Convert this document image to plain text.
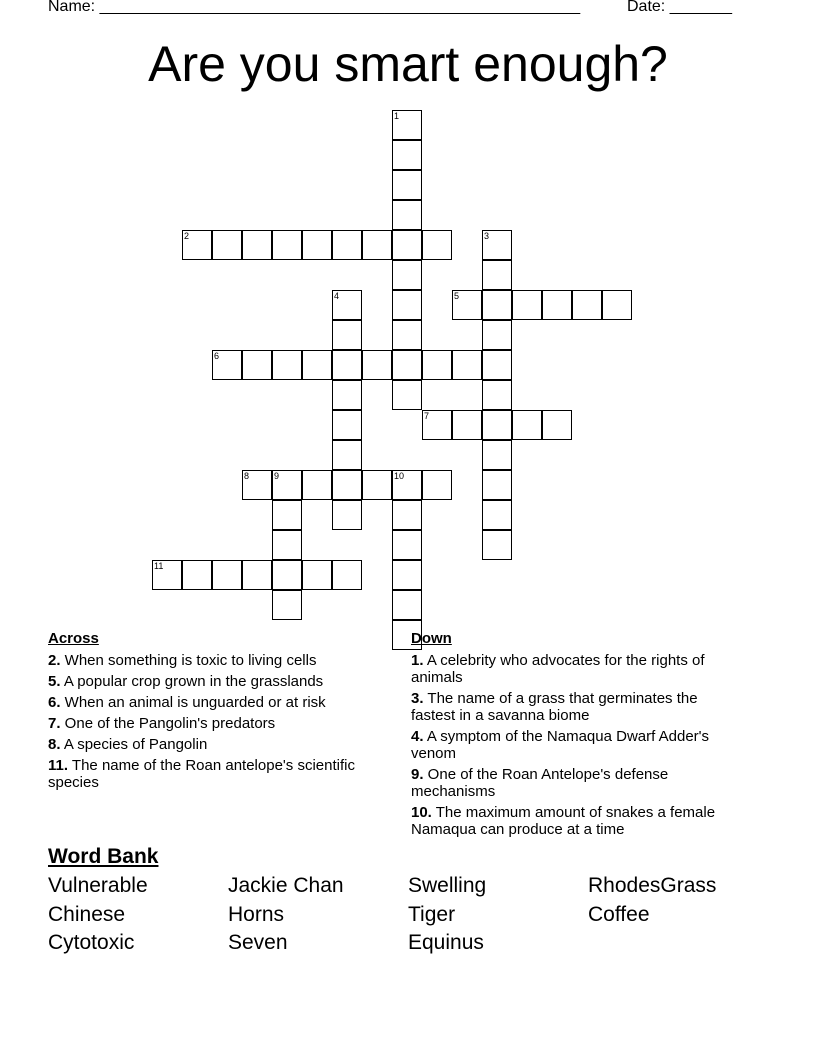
Name: ______________________________________________________	Date: _______
Are you smart enough?
1
2	3
4	5
6
7
8	9	10
11
Across
2. When something is toxic to living cells
5. A popular crop grown in the grasslands
6. When an animal is unguarded or at risk
7. One of the Pangolin's predators
8. A species of Pangolin
11. The name of the Roan antelope's scientific species
Down
1. A celebrity who advocates for the rights of animals
3. The name of a grass that germinates the fastest in a savanna biome
4. A symptom of the Namaqua Dwarf Adder's venom
9. One of the Roan Antelope's defense mechanisms
10. The maximum amount of snakes a female Namaqua can produce at a time
Word Bank
Vulnerable
Chinese
Cytotoxic
Jackie Chan
Horns
Seven
Swelling
Tiger
Equinus
RhodesGrass
Coffee
